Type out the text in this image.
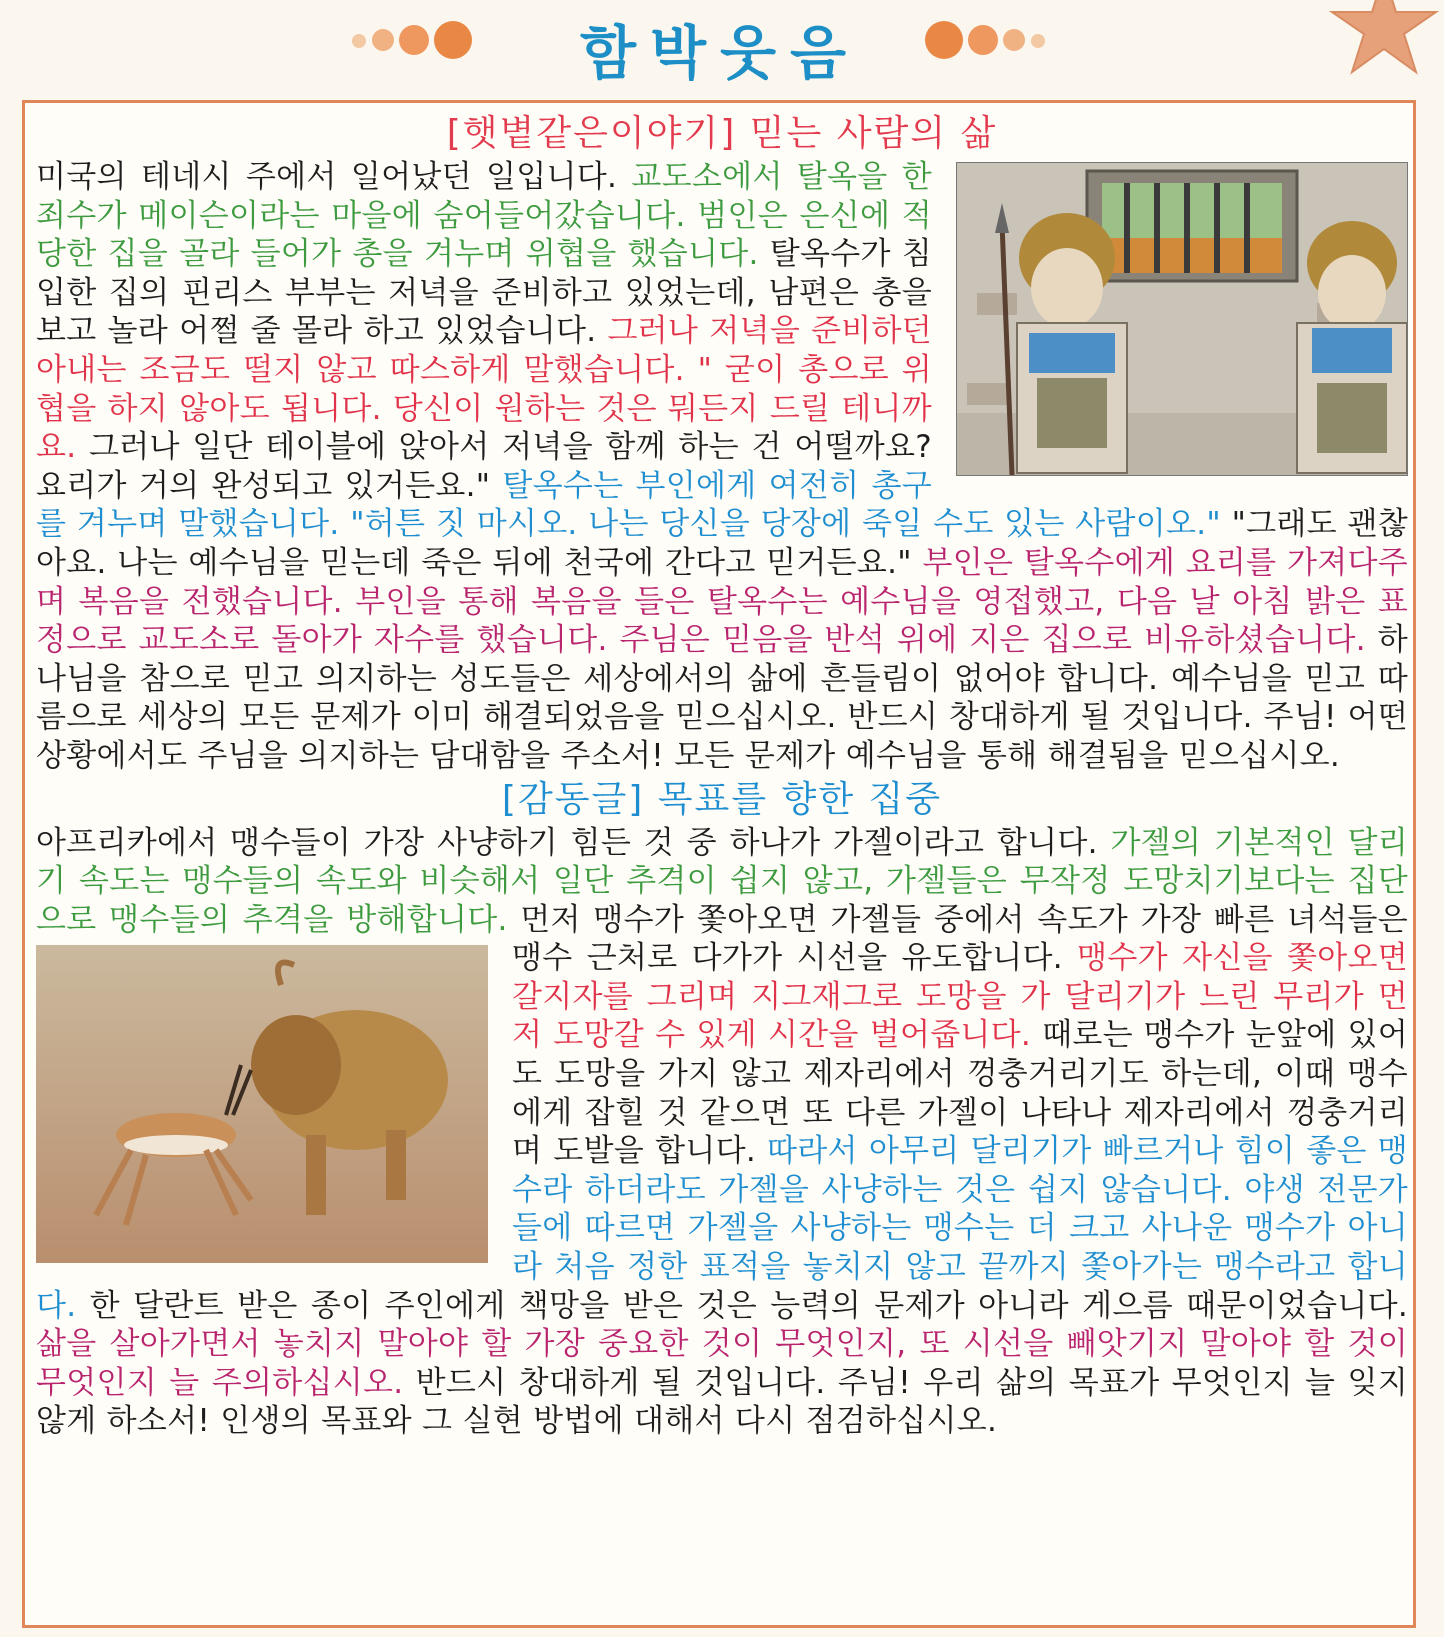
함박웃음
[햇볕같은이야기] 믿는 사람의 삶

미국의 테네시 주에서 일어났던 일입니다. 교도소에서 탈옥을 한 죄수가 메이슨이라는 마을에 숨어들어갔습니다. 범인은 은신에 적당한 집을 골라 들어가 총을 겨누며 위협을 했습니다. 탈옥수가 침입한 집의 핀리스 부부는 저녁을 준비하고 있었는데, 남편은 총을 보고 놀라 어쩔 줄 몰라 하고 있었습니다. 그러나 저녁을 준비하던 아내는 조금도 떨지 않고 따스하게 말했습니다. " 굳이 총으로 위협을 하지 않아도 됩니다. 당신이 원하는 것은 뭐든지 드릴 테니까요. 그러나 일단 테이블에 앉아서 저녁을 함께 하는 건 어떨까요? 요리가 거의 완성되고 있거든요." 탈옥수는 부인에게 여전히 총구를 겨누며 말했습니다. "허튼 짓 마시오. 나는 당신을 당장에 죽일 수도 있는 사람이오." "그래도 괜찮아요. 나는 예수님을 믿는데 죽은 뒤에 천국에 간다고 믿거든요." 부인은 탈옥수에게 요리를 가져다주며 복음을 전했습니다. 부인을 통해 복음을 들은 탈옥수는 예수님을 영접했고, 다음 날 아침 밝은 표정으로 교도소로 돌아가 자수를 했습니다. 주님은 믿음을 반석 위에 지은 집으로 비유하셨습니다. 하나님을 참으로 믿고 의지하는 성도들은 세상에서의 삶에 흔들림이 없어야 합니다. 예수님을 믿고 따름으로 세상의 모든 문제가 이미 해결되었음을 믿으십시오. 반드시 창대하게 될 것입니다. 주님! 어떤 상황에서도 주님을 의지하는 담대함을 주소서! 모든 문제가 예수님을 통해 해결됨을 믿으십시오.

[감동글] 목표를 향한 집중

아프리카에서 맹수들이 가장 사냥하기 힘든 것 중 하나가 가젤이라고 합니다. 가젤의 기본적인 달리기 속도는 맹수들의 속도와 비슷해서 일단 추격이 쉽지 않고, 가젤들은 무작정 도망치기보다는 집단으로 맹수들의 추격을 방해합니다. 먼저 맹수가 쫓아오면 가젤들 중에서 속도가 가장 빠른 녀석들은 맹수 근처로 다가가 시선을 유도합니다.
맹수가 자신을 쫓아오면 갈지자를 그리며 지그재그로 도망을 가 달리기가 느린 무리가 먼저 도망갈 수 있게 시간을 벌어줍니다. 때로는 맹수가 눈앞에 있어도 도망을 가지 않고 제자리에서 껑충거리기도 하는데, 이때 맹수에게 잡힐 것 같으면 또 다른 가젤이 나타나 제자리에서 껑충거리며 도발을 합니다. 따라서 아무리 달리기가 빠르거나 힘이 좋은 맹수라 하더라도 가젤을 사냥하는 것은 쉽지 않습니다. 야생 전문가들에 따르면 가젤을 사냥하는 맹수는 더 크고 사나운 맹수가 아니라 처음 정한 표적을 놓치지 않고 끝까지 쫓아가는 맹수라고 합니다. 한 달란트 받은 종이 주인에게 책망을 받은 것은 능력의 문제가 아니라 게으름 때문이었습니다. 삶을 살아가면서 놓치지 말아야 할 가장 중요한 것이 무엇인지, 또 시선을 빼앗기지 말아야 할 것이 무엇인지 늘 주의하십시오. 반드시 창대하게 될 것입니다. 주님! 우리 삶의 목표가 무엇인지 늘 잊지 않게 하소서! 인생의 목표와 그 실현 방법에 대해서 다시 점검하십시오.
